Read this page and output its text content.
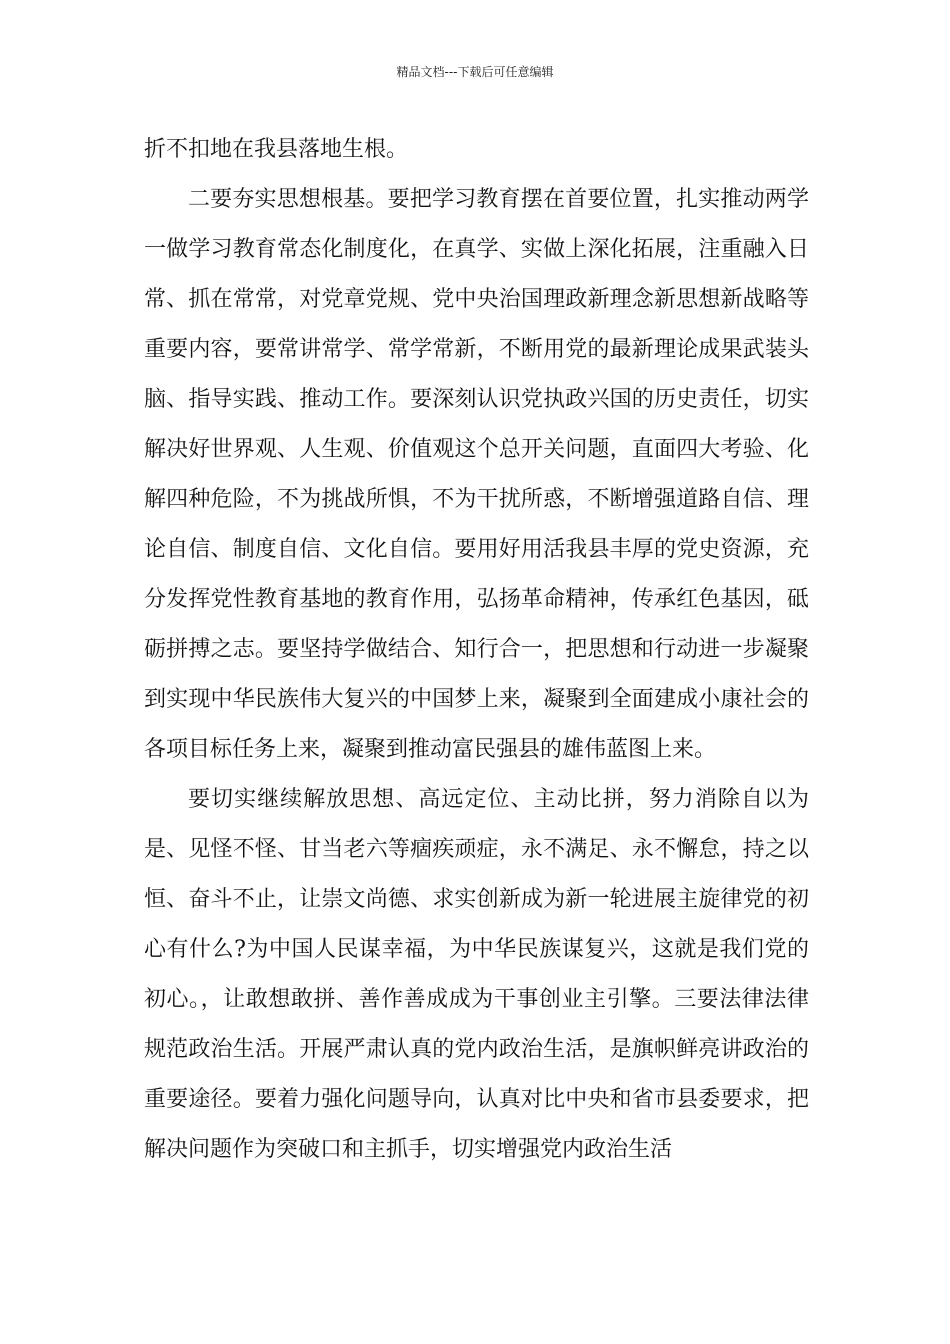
精品文档---下载后可任意编辑

折不扣地在我县落地生根。

二要夯实思想根基。要把学习教育摆在首要位置，扎实推动两学一做学习教育常态化制度化，在真学、实做上深化拓展，注重融入日常、抓在常常，对党章党规、党中央治国理政新理念新思想新战略等重要内容，要常讲常学、常学常新，不断用党的最新理论成果武装头脑、指导实践、推动工作。要深刻认识党执政兴国的历史责任，切实解决好世界观、人生观、价值观这个总开关问题，直面四大考验、化解四种危险，不为挑战所惧，不为干扰所惑，不断增强道路自信、理论自信、制度自信、文化自信。要用好用活我县丰厚的党史资源，充分发挥党性教育基地的教育作用，弘扬革命精神，传承红色基因，砥砺拼搏之志。要坚持学做结合、知行合一，把思想和行动进一步凝聚到实现中华民族伟大复兴的中国梦上来，凝聚到全面建成小康社会的各项目标任务上来，凝聚到推动富民强县的雄伟蓝图上来。

要切实继续解放思想、高远定位、主动比拼，努力消除自以为是、见怪不怪、甘当老六等痼疾顽症，永不满足、永不懈怠，持之以恒、奋斗不止，让崇文尚德、求实创新成为新一轮进展主旋律党的初心有什么?为中国人民谋幸福，为中华民族谋复兴，这就是我们党的初心。，让敢想敢拼、善作善成成为干事创业主引擎。三要法律法律规范政治生活。开展严肃认真的党内政治生活，是旗帜鲜亮讲政治的重要途径。要着力强化问题导向，认真对比中央和省市县委要求，把解决问题作为突破口和主抓手，切实增强党内政治生活
